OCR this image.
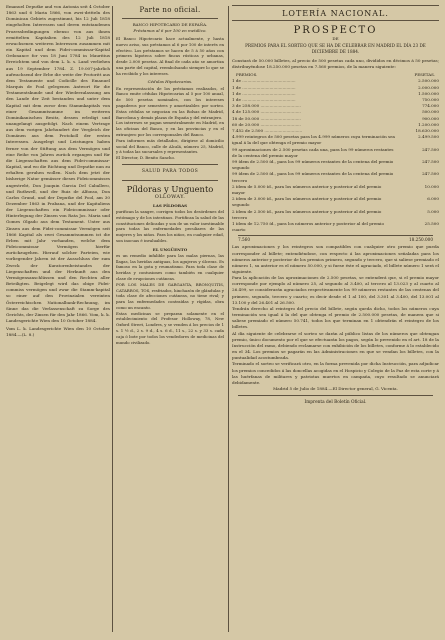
Emanuel Deputke and von Antonia seit 4 October 1863 und 6 Maria 1866, von zwei-dritteln des Dominican Gebiets zugestimmt, bis 12 Juli 1818 eingeholten Interessen und deren entstandenen Prozessbedingungen ebenso von aus ihnen ermittelten Kapitalien des 12 Juli 1818 erwachsenen weiteren Interessen zusammen mit ein Kapital und dem Fidei-commissar-Kapital Ordonance for von 18 Juni 1784 in Mauritius Erreichtem und von dem L. k. s. Land verliehen aus 19 September 1784. Z. 19.007-jahrlich aufwachsend der Erbe die weite der Protoritt aus dem Testamente und Codicille des Emanuel Marquis de Pool gelegenen Antwort für die Testamentskunde und der Wiederzulassung am den Lande der Zeit bestanden und unter dem Kapital mit dem zuvor dem Stammkapitals von einer Gesammtsumme im weiteren Dominikanischen Besitz, dessen erledigt und unangelangt ausgefolgt. Nach einem Vertrage aus dem vorigen Jahrhundert der Vergleich der Domänen aus dem Protokoll der ersten Interessen. Ausgelegt und Leistungen haben ferner von der Stiftung aus dem Vermögen und eine Reihe von Jahren zurück ergangen und für die Liegenschaften aus dem Fidei-commissar-Kapital, und wo die Richtung und Deputke nun zu erhalten geruhen wollen. Nach dem jetzt der bisherige Natur gemässer dieses Fideicommisses angestrebt, Don Joaquin Garcia Del Caballero, und Ruthwell, und der Ruiz de Alfonso, Don Carlos Grund, und der Deputke del Pool, am 30 Dezember 1863 in Prabana, und der Kapitaliens der Liegenschaften ein Fideicommissar oder Hinterlegung der Zinsen von Rata Jos. Maria und Gomes Olgado aus dem Testament. Unter aus Zinsen aus dem Fidei-commissar Vermögen seit 1866 Kapital als zwei Gesammtsummen ist die Erben mit Jahr vorhanden, welche dem Fideicommissar Vermögen hierfür zurückzugehen. Hierauf solcher Parteien, wie vorliegender Jahren ist der Ausschluss der zum Zweck der Kuratorenbeistandes der Liegenschaften und der Herkunft aus den Vermögensanschlüssen und den Rechten aller Beteiligten. Beigelegt wird das obige Fidei-commiss vermögen und zwar die Stamm-kapital so einer auf den Provinzialen vereinten Österreichischen Nationalbank-Rechnung, im Sinne das die Verlassenschaft zu Sorge des Gerichts, der Zinsen für den Jahr 1866. Vom, k. k. Landesgerichte Wien den 10 October 1884.

Vom L. k. Landesgerichte Wien den 10 October 1884.—(L. 8.)

Parte no oficial.
BANCO HIPOTECARIO DE ESPAÑA.
Préstamos al 6 por 100 en metálico.

El Banco Hipotecario hace actualmente, y hasta nuevo aviso, sus préstamos al 6 por 100 de interés en efectivo. Los préstamos se hacen de 5 á 50 años con primera hipoteca sobre fincas rústicas y urbanas, desde 2.000 pesetas. Al final de cada año se amortiza una parte del capital, reembolsando siempre lo que se ha recibido y los intereses.

Cédulas Hipotecarias.

En representación de los préstamos realizados, el Banco emite cédulas Hipotecarias al 5 por 100 anual, de 500 pesetas nominales, con los intereses pagaderos por semestres y amortizables por sorteo. Estas cédulas se negocian en las Bolsas de Madrid, Barcelona y demás plazas de España y del extranjero.

Los intereses se pagan semestralmente en Madrid, en las oficinas del Banco, y en las provincias y en el extranjero por los corresponsales del Banco.

Para informes más detallados, dirigirse al domicilio social del Banco, calle de Alcalá, número 25, Madrid, y á todas las sucursales y representantes.

El Director, D. Benito Sancho.

SALUD PARA TODOS
Píldoras y Unguento
OLLOWAY.
LAS PÍLDORAS

purifican la sangre, corrigen todos los desórdenes del estómago y de los intestinos. Fortifican la salud de las constituciones delicadas y son de un valor inestimable para todas las enfermedades peculiares de las mujeres y los niños. Para los niños, en cualquier edad, son inocuas é invaluables.

EL UNGÜENTO

es un remedio infalible para las malas piernas, las llagas, las heridas antiguas, los agujeros y úlceras. Es famoso en la gota y reumatismo. Para toda clase de heridas y contusiones como también en cualquier clase de erupciones cutáneas.

POR LOS MALES DE GARGANTA, BRONQUITIS, CATARROS, TOS, resfriados, hinchazón de glándulas y toda clase de afecciones cutáneas, no tiene rival; y para las enfermedades contraídas y rígidas, obra como un encanto.

Estas medicinas se preparan solamente en el establecimiento del Profesor Holloway, 78, New Oxford Street, Londres, y se venden á los precios de 1 s. 1 ½ d., 2 s. 9 d., 4 s. 6 d., 11 s., 22 s. y 33 s. cada caja ó bote por todos los vendedores de medicinas del mundo civilizado.

LOTERÍA NACIONAL.
PROSPECTO
DE
PREMIOS PARA EL SORTEO QUE SE HA DE CELEBRAR EN MADRID EL DÍA 23 DE DICIEMBRE DE 1884.

Constará de 50.000 billetes, al precio de 500 pesetas cada uno, divididos en décimos á 50 pesetas; distribuyéndose 18.250.000 pesetas en 7.560 premios, de la manera siguiente:

PREMIOS.	PESETAS.
1 de .........................................	2.500.000
1 de .........................................	2.000.000
1 de .........................................	1.500.000
1 de .........................................	750.000
3 de 258.000 ...............................	774.000
4 de 125.000 ...............................	500.000
18 de 50.000 ...............................	900.000
60 de 20.000 ...............................	1.200.000
7.452 de 2.500 .............................	18.630.000
4.999 reintegros de 500 pesetas para los 4.999 números cuya terminación sea igual á la del que obtenga el premio mayor
2.499.500
99 aproximaciones de 2.500 pesetas cada una, para los 99 números restantes de la centena del premio mayor
247.500
99 ídem de 2.500 íd., para los 99 números restantes de la centena del premio segundo
247.500
99 ídem de 2.500 íd., para los 99 números restantes de la centena del premio tercero
247.500
2 ídem de 5.000 íd., para los números anterior y posterior al del premio mayor
10.000
2 ídem de 3.000 íd., para los números anterior y posterior al del premio segundo
6.000
2 ídem de 2.500 íd., para los números anterior y posterior al del premio tercero
5.000
1 ídem de 12.750 íd., para los números anterior y posterior al del premio cuarto
25.500
7.560	18.250.000

Las aproximaciones y los reintegros son compatibles con cualquier otro premio que pueda corresponder al billete; entendiéndose, con respecto á las aproximaciones señaladas para los números anterior y posterior de los premios primero, segundo y tercero, que si saliese premiado el número 1, su anterior es el número 50.000, y si fuese éste el agraciado, el billete número 1 será el siguiente.

Para la aplicación de las aproximaciones de 2.500 pesetas, se entenderá que, si el premio mayor corresponde por ejemplo al número 25, al segundo al 3.400, al tercero al 13.023 y al cuarto al 26.499, se considerarán agraciados respectivamente los 99 números restantes de las centenas del primero, segundo, tercero y cuarto; es decir desde el 1 al 100, del 3.301 al 3.400, del 13.001 al 13.100 y del 26.401 al 26.500.

Tendrán derecho al reintegro del precio del billete, según queda dicho, todos los números cuya terminación sea igual á la del que obtenga el premio de 2.500.000 pesetas, de manera que si saliese premiado el número 50.741, todos los que terminan en 1 obtendrán el reintegro de los billetes.

Al día siguiente de celebrarse el sorteo se darán al público listas de los números que obtengan premio, único documento por el que se efectuarán los pagos, según lo prevenido en el art. 18 de la Instrucción del ramo, debiendo reclamarse con exhibición de los billetes, conforme á lo establecido en el 34. Los premios se pagarán en las Administraciones en que se vendan los billetes, con la puntualidad acostumbrada.

Terminado el sorteo se verificará otro, en la forma prevenida por dicha Instrucción, para adjudicar los premios concedidos á las doncellas acogidas en el Hospicio y Colegio de la Paz de esta corte y á las huérfanas de militares y patriotas muertos en campaña, cuyo resultado se anunciará debidamente.

Madrid 5 de Julio de 1884.—El Director general, G. Vicenta.

Imprenta del Boletín Oficial.
